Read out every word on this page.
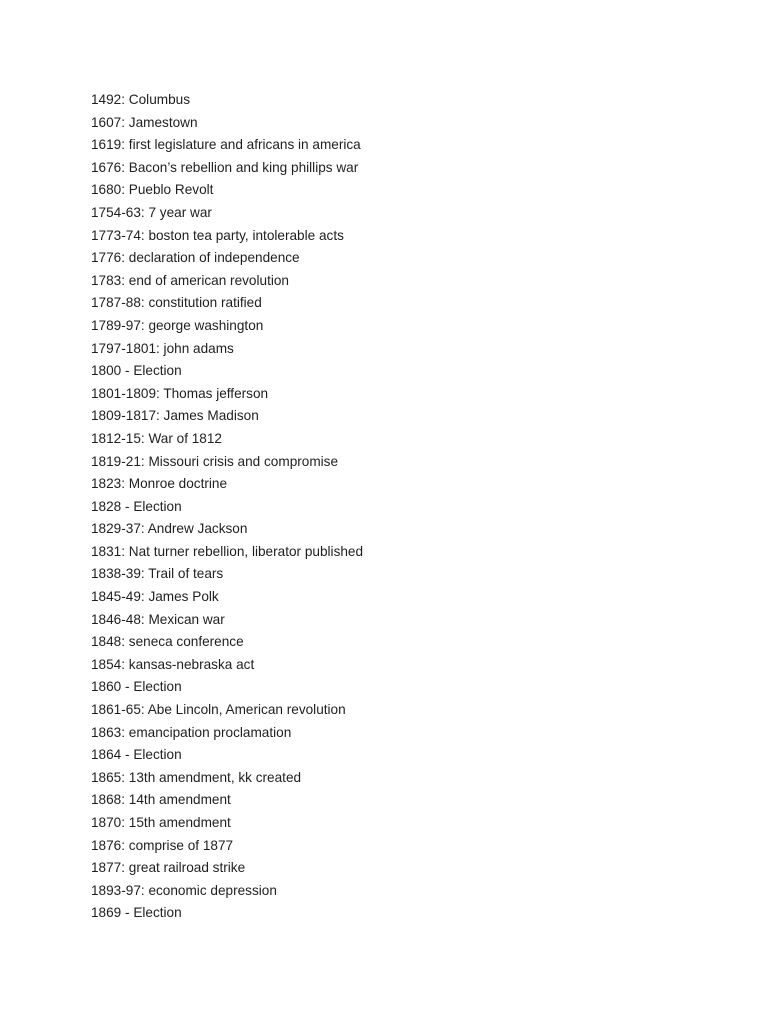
1492: Columbus
1607: Jamestown
1619: first legislature and africans in america
1676: Bacon’s rebellion and king phillips war
1680: Pueblo Revolt
1754-63: 7 year war
1773-74: boston tea party, intolerable acts
1776: declaration of independence
1783: end of american revolution
1787-88: constitution ratified
1789-97: george washington
1797-1801: john adams
1800 - Election
1801-1809: Thomas jefferson
1809-1817: James Madison
1812-15: War of 1812
1819-21: Missouri crisis and compromise
1823: Monroe doctrine
1828 - Election
1829-37: Andrew Jackson
1831: Nat turner rebellion, liberator published
1838-39: Trail of tears
1845-49: James Polk
1846-48: Mexican war
1848: seneca conference
1854: kansas-nebraska act
1860 - Election
1861-65: Abe Lincoln, American revolution
1863: emancipation proclamation
1864 - Election
1865: 13th amendment, kk created
1868: 14th amendment
1870: 15th amendment
1876: comprise of 1877
1877: great railroad strike
1893-97: economic depression
1869 - Election
